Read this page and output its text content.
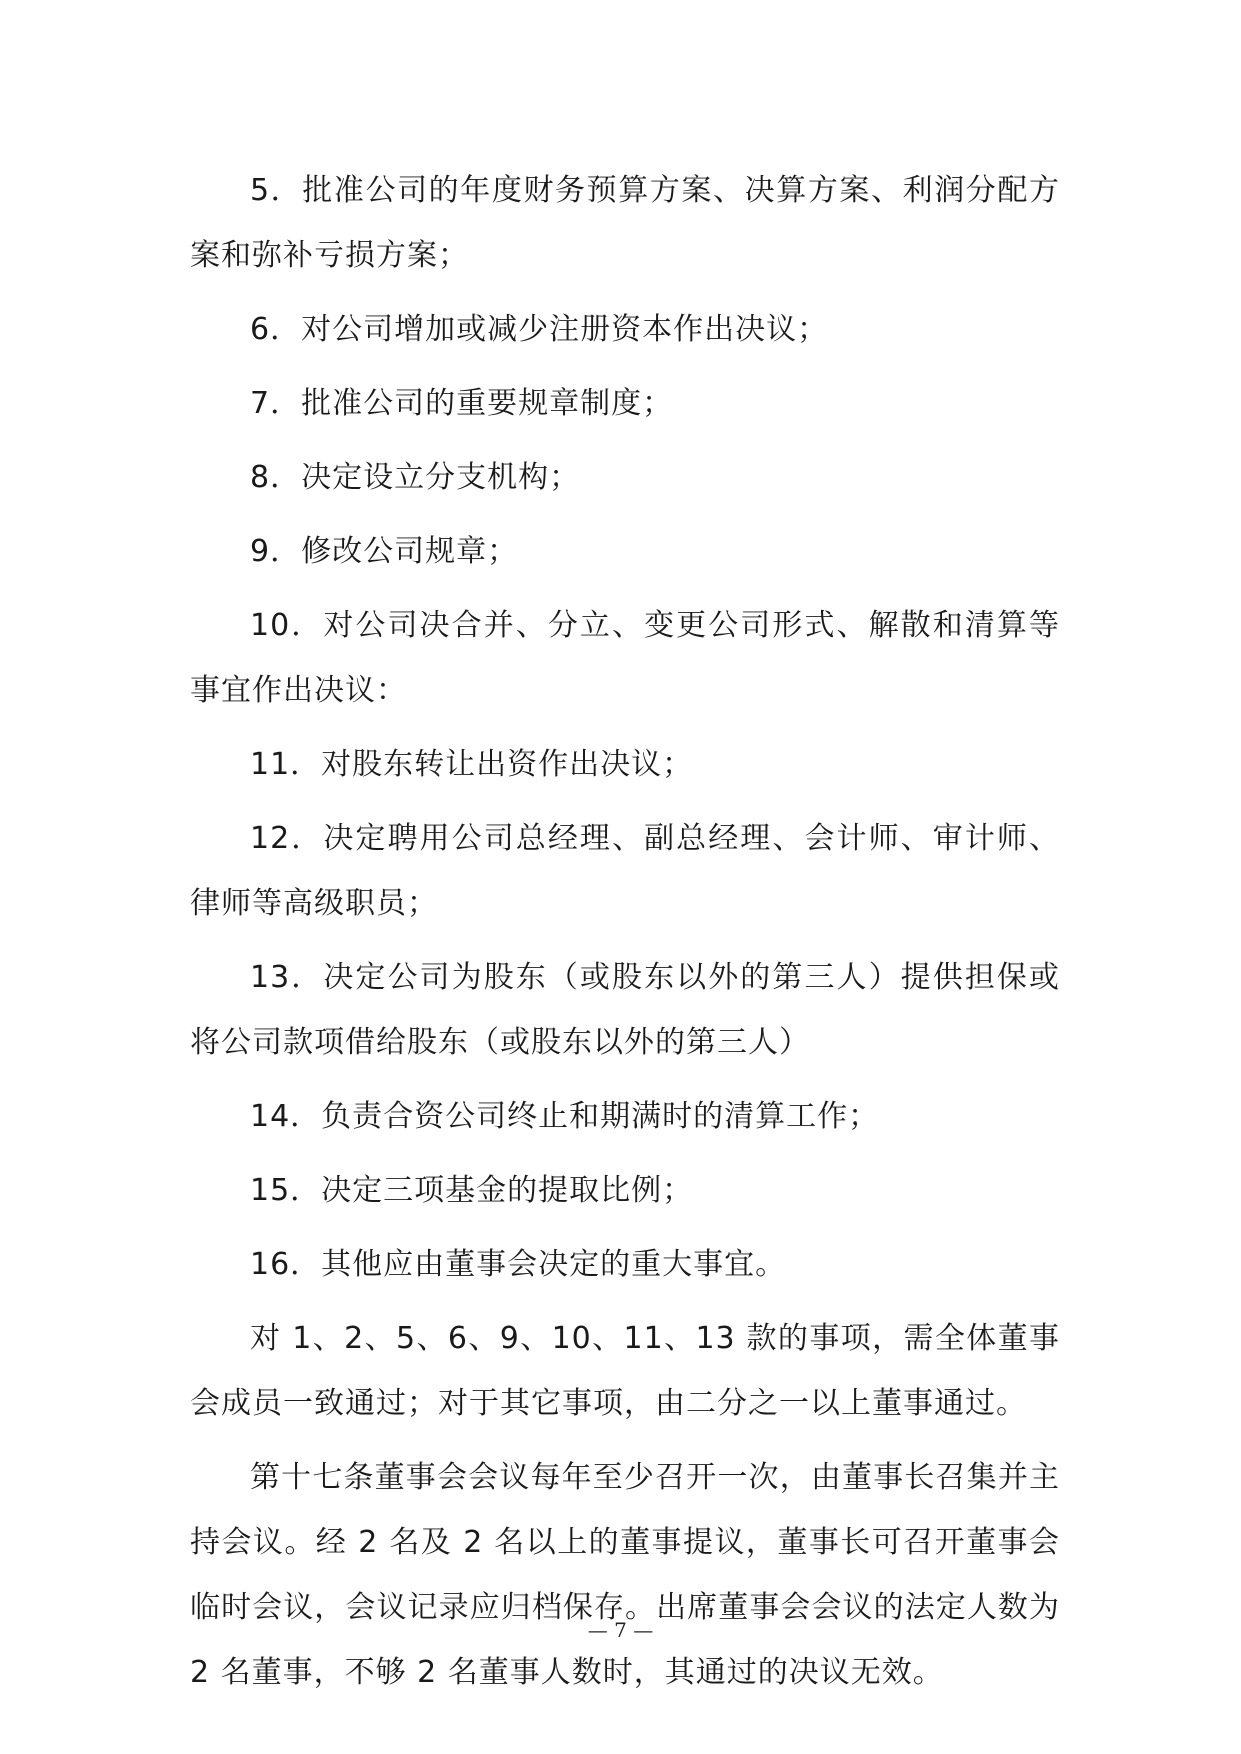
5．批准公司的年度财务预算方案、决算方案、利润分配方案和弥补亏损方案；

6．对公司增加或减少注册资本作出决议；

7．批准公司的重要规章制度；

8．决定设立分支机构；

9．修改公司规章；

10．对公司决合并、分立、变更公司形式、解散和清算等事宜作出决议：

11．对股东转让出资作出决议；

12．决定聘用公司总经理、副总经理、会计师、审计师、律师等高级职员；

13．决定公司为股东（或股东以外的第三人）提供担保或将公司款项借给股东（或股东以外的第三人）

14．负责合资公司终止和期满时的清算工作；

15．决定三项基金的提取比例；

16．其他应由董事会决定的重大事宜。

对 1、2、5、6、9、10、11、13 款的事项，需全体董事会成员一致通过；对于其它事项，由二分之一以上董事通过。

第十七条董事会会议每年至少召开一次，由董事长召集并主持会议。经 2 名及 2 名以上的董事提议，董事长可召开董事会临时会议，会议记录应归档保存。出席董事会会议的法定人数为 2 名董事，不够 2 名董事人数时，其通过的决议无效。

— 7 —
